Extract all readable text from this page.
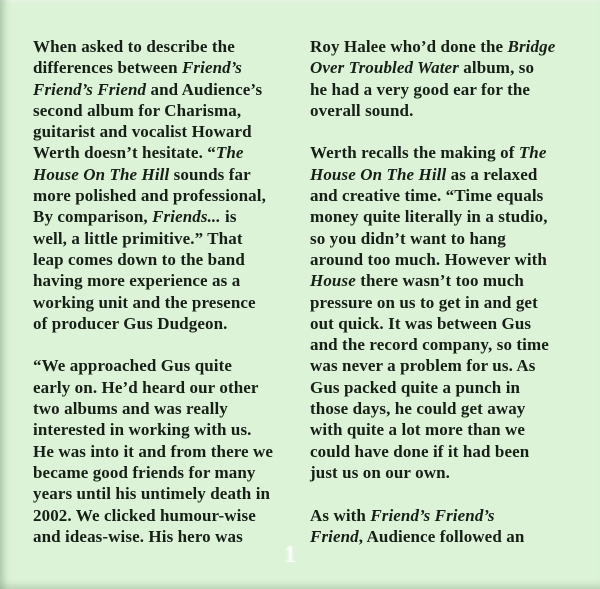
When asked to describe the
differences between Friend’s
Friend’s Friend and Audience’s
second album for Charisma,
guitarist and vocalist Howard
Werth doesn’t hesitate. “The
House On The Hill sounds far
more polished and professional,
By comparison, Friends... is
well, a little primitive.” That
leap comes down to the band
having more experience as a
working unit and the presence
of producer Gus Dudgeon.
“We approached Gus quite
early on. He’d heard our other
two albums and was really
interested in working with us.
He was into it and from there we
became good friends for many
years until his untimely death in
2002. We clicked humour-wise
and ideas-wise. His hero was
Roy Halee who’d done the Bridge
Over Troubled Water album, so
he had a very good ear for the
overall sound.
Werth recalls the making of The
House On The Hill as a relaxed
and creative time. “Time equals
money quite literally in a studio,
so you didn’t want to hang
around too much. However with
House there wasn’t too much
pressure on us to get in and get
out quick. It was between Gus
and the record company, so time
was never a problem for us. As
Gus packed quite a punch in
those days, he could get away
with quite a lot more than we
could have done if it had been
just us on our own.
As with Friend’s Friend’s
Friend, Audience followed an
1
